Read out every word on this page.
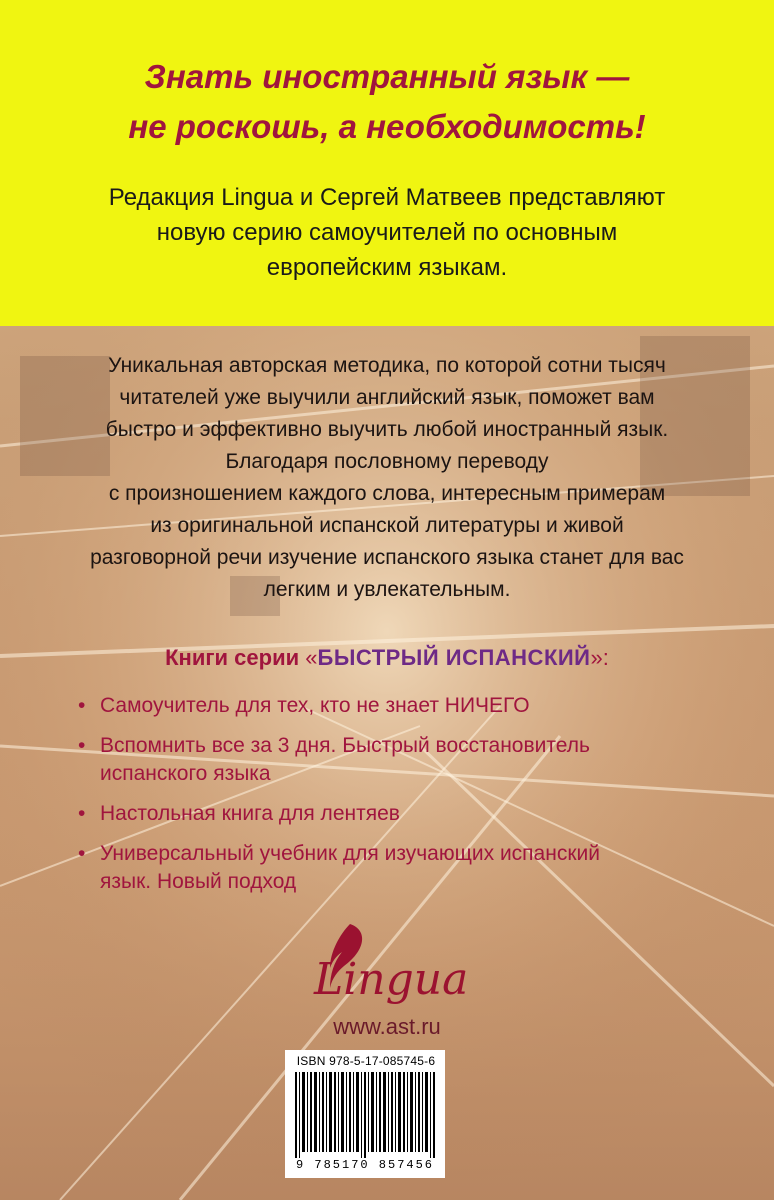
Знать иностранный язык —
не роскошь, а необходимость!
Редакция Lingua и Сергей Матвеев представляют
новую серию самоучителей по основным
европейским языкам.
Уникальная авторская методика, по которой сотни тысяч
читателей уже выучили английский язык, поможет вам
быстро и эффективно выучить любой иностранный язык.
Благодаря пословному переводу
с произношением каждого слова, интересным примерам
из оригинальной испанской литературы и живой
разговорной речи изучение испанского языка станет для вас
легким и увлекательным.
Книги серии «БЫСТРЫЙ ИСПАНСКИЙ»:
• Самоучитель для тех, кто не знает НИЧЕГО
• Вспомнить все за 3 дня. Быстрый восстановитель
испанского языка
• Настольная книга для лентяев
• Универсальный учебник для изучающих испанский
язык. Новый подход
Lingua
www.ast.ru
ISBN 978-5-17-085745-6
9 785170 857456
